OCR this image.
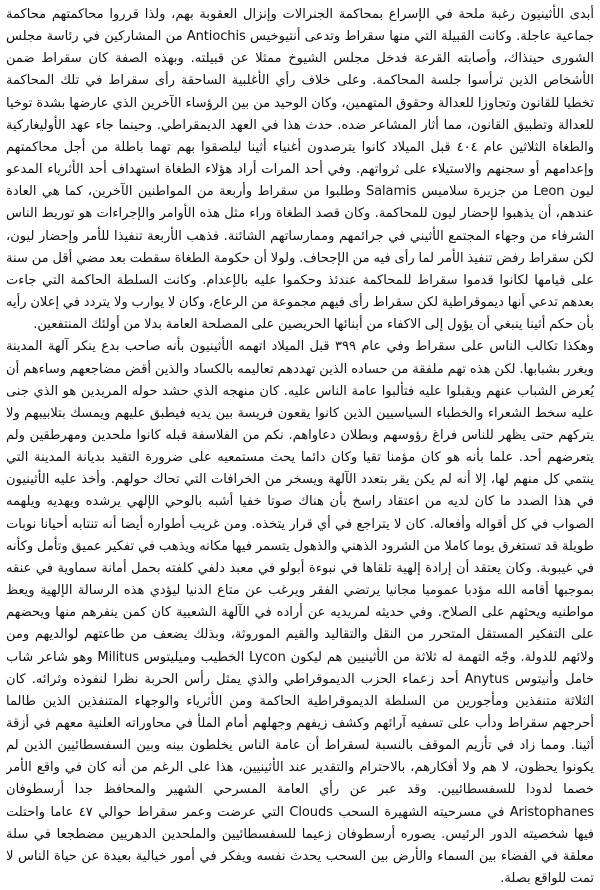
أبدى الأثينيون رغبة ملحة في الإسراع بمحاكمة الجنرالات وإنزال العقوبة بهم، ولذا قرروا محاكمتهم محاكمة جماعية عاجلة. وكانت القبيلة التي منها سقراط وتدعى أنتيوخيس Antiochis من المشاركين في رئاسة مجلس الشورى حينذاك، وأصابته القرعة فدخل مجلس الشيوخ ممثلا عن قبيلته. وبهذه الصفة كان سقراط ضمن الأشخاص الذين ترأسوا جلسة المحاكمة. وعلى خلاف رأي الأغلبية الساحقة رأى سقراط في تلك المحاكمة تخطيا للقانون وتجاوزا للعدالة وحقوق المتهمين، وكان الوحيد من بين الرؤساء الآخرين الذي عارضها بشدة توخيا للعدالة وتطبيق القانون، مما أثار المشاعر ضده. حدث هذا في العهد الديمقراطي. وحينما جاء عهد الأوليغاركية والطغاة الثلاثين عام ٤٠٤ قبل الميلاد كانوا يترصدون أغنياء أثينا ليلصقوا بهم تهما باطلة من أجل محاكمتهم وإعدامهم أو سجنهم والاستيلاء على ثرواتهم. وفي أحد المرات أراد هؤلاء الطغاة استهداف أحد الأثرياء المدعو ليون Leon من جزيرة سلاميس Salamis وطلبوا من سقراط وأربعة من المواطنين الآخرين، كما هي العادة عندهم، أن يذهبوا لإحضار ليون للمحاكمة. وكان قصد الطغاة وراء مثل هذه الأوامر والإجراءات هو توريط الناس الشرفاء من وجهاء المجتمع الأثيني في جرائمهم وممارساتهم الشائنة. فذهب الأربعة تنفيذا للأمر وإحضار ليون، لكن سقراط رفض تنفيذ الأمر لما رأى فيه من الإجحاف. ولولا أن حكومة الطغاة سقطت بعد مضي أقل من سنة على قيامها لكانوا قدموا سقراط للمحاكمة عندئذ وحكموا عليه بالإعدام. وكانت السلطة الحاكمة التي جاءت بعدهم تدعي أنها ديموقراطية لكن سقراط رأى فيهم مجموعة من الرعاع، وكان لا يوارب ولا يتردد في إعلان رأيه بأن حكم أثينا ينبغي أن يؤول إلى الاكفاء من أبنائها الحريصين على المصلحة العامة بدلا من أولئك المنتفعين.

وهكذا تكالب الناس على سقراط وفي عام ٣٩٩ قبل الميلاد اتهمه الأثينيون بأنه صاحب بدع ينكر آلهة المدينة ويغرر بشبابها. لكن هذه تهم ملفقة من حساده الذين تهددهم تعاليمه بالكساد والذين أقض مضاجعهم وساءهم أن يُعرض الشباب عنهم ويقبلوا عليه فتألبوا عامة الناس عليه. كان منهجه الذي حشد حوله المريدين هو الذي جنى عليه سخط الشعراء والخطباء السياسيين الذين كانوا يقعون فريسة بين يديه فيطبق عليهم ويمسك بتلابيبهم ولا يتركهم حتى يظهر للناس فراغ رؤوسهم وبطلان دعاواهم. نكم من الفلاسفة قبله كانوا ملحدين ومهرطقين ولم يتعرضهم أحد. علما بأنه هو كان مؤمنا تقيا وكان دائما يحث مستمعيه على ضرورة التقيد بديانة المدينة التي ينتمي كل منهم لها، إلا أنه لم يكن يقر بتعدد الآلهة ويسخر من الخرافات التي تحاك حولهم. وأخذ عليه الأثينيون في هذا الصدد ما كان لديه من اعتقاد راسخ بأن هناك صوتا خفيا أشبه بالوحي الإلهي يرشده ويهديه ويلهمه الصواب في كل أقواله وأفعاله. كان لا يتراجع في أي قرار يتخذه. ومن غريب أطواره أيضا أنه تنتابه أحيانا نوبات طويلة قد تستغرق يوما كاملا من الشرود الذهني والذهول يتسمر فيها مكانه ويذهب في تفكير عميق وتأمل وكأنه في غيبوبة. وكان يعتقد أن إرادة إلهية تلقاها في نبوءة أبولو في معبد دلفي كلفته بحمل أمانة سماوية في عنقه بموجبها أقامه الله مؤدبا عموميا مجانيا يرتضي الفقر ويرغب عن متاع الدنيا ليؤدي هذه الرسالة الإلهية ويعظ مواطنيه ويحثهم على الصلاح. وفي حديثه لمريديه عن أراده في الآلهة الشعبية كان كمن ينفرهم منها ويحضهم على التفكير المستقل المتحرر من النقل والتقاليد والقيم الموروثة، وبذلك يضعف من طاعتهم لوالديهم ومن ولائهم للدولة. وجّه التهمة له ثلاثة من الأثينيين هم ليكون Lycon الخطيب وميليتوس Militus وهو شاعر شاب خامل وأنيتوس Anytus أحد زعماء الحزب الديموقراطي والذي يمثل رأس الحربة نظرا لنفوذه وثرائه. كان الثلاثة متنفذين ومأجورين من السلطة الديموقراطية الحاكمة ومن الأثرياء والوجهاء المتنفذين الذين طالما أحرجهم سقراط ودأب على تسفيه آرائهم وكشف زيفهم وجهلهم أمام الملأ في محاوراته العلنية معهم في أزقة أثينا. ومما زاد في تأزيم الموقف بالنسبة لسقراط أن عامة الناس يخلطون بينه وبين السفسطائيين الذين لم يكونوا يحظون، لا هم ولا أفكارهم، بالاحترام والتقدير عند الأثينيين، هذا على الرغم من أنه كان في واقع الأمر خصما لدودا للسفسطائيين. وقد عبر عن رأي العامة المسرحي الشهير والمحافظ جدا أرسطوفان Aristophanes في مسرحيته الشهيرة السحب Clouds التي عرضت وعمر سقراط حوالي ٤٧ عاما واحتلت فيها شخصيته الدور الرئيس. يصوره أرسطوفان زعيما للسفسطائيين والملحدين الدهريين مضطجعا في سلة معلقة في الفضاء بين السماء والأرض بين السحب يحدث نفسه ويفكر في أمور خيالية بعيدة عن حياة الناس لا تمت للواقع بصلة.
